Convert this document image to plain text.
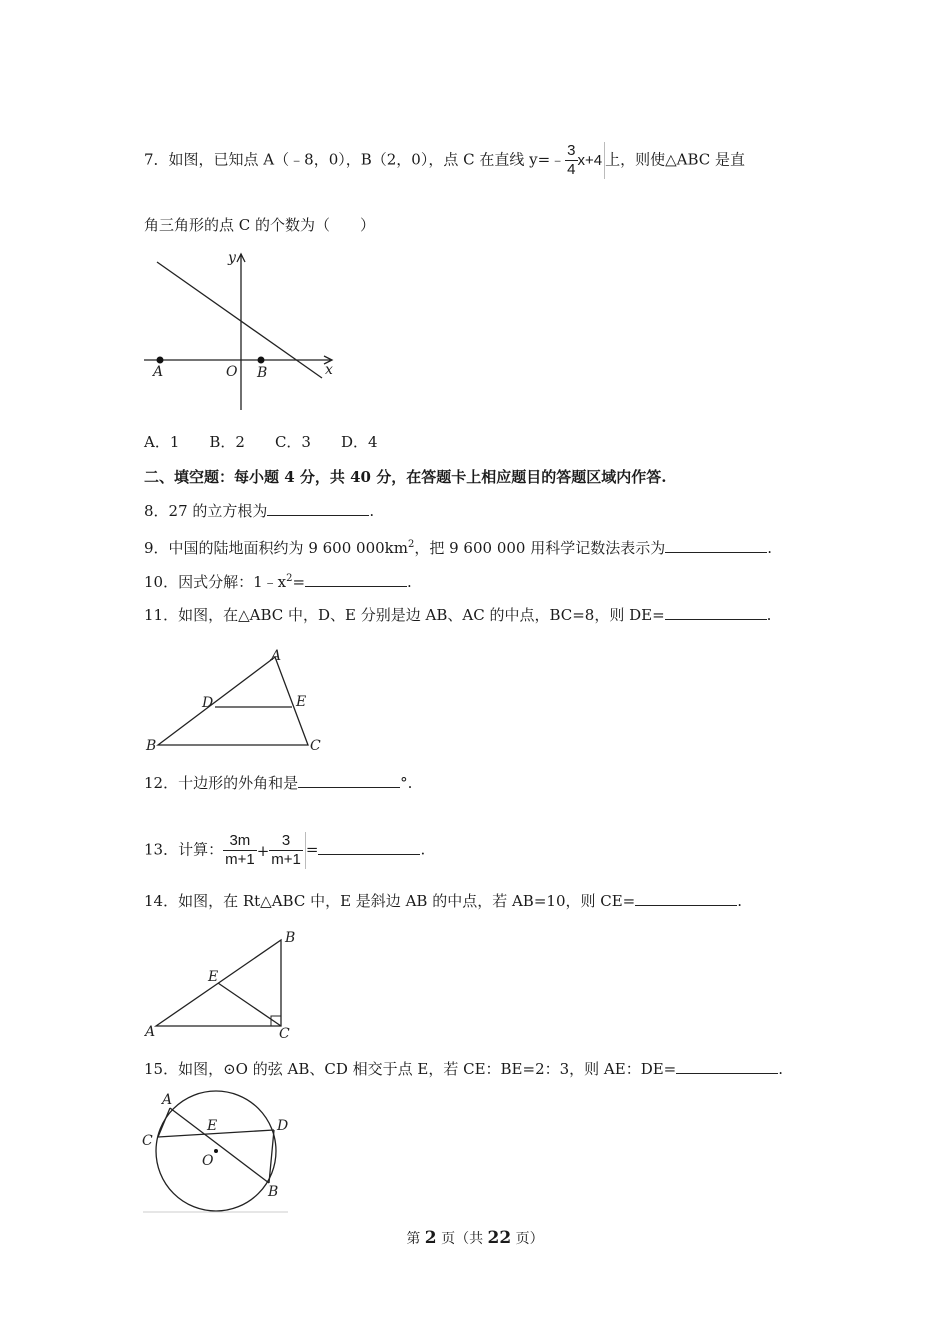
7．如图，已知点 A（﹣8，0），B（2，0），点 C 在直线 y=﹣ $\frac{3}{4} x+4$ 上，则使△ABC 是直
角三角形的点 C 的个数为（　　）
y
x
A	O B
A．1　　B．2　　C．3　　D．4
二、填空题：每小题 4 分，共 40 分，在答题卡上相应题目的答题区域内作答.
8．27 的立方根为	.
9．中国的陆地面积约为 9 600 $000km^2$，把 9 600 000 用科学记数法表示为	.
10．因式分解：$1﹣x^2=$	.
11．如图，在△ABC 中，D、E 分别是边 AB、AC 的中点，BC=8，则 DE=	.
A
D	E
B	C
12．十边形的外角和是	°.
13．计算： $\frac{3m}{m+1} + \frac{3}{m+1}$ =	.
14．如图，在 Rt△ABC 中，E 是斜边 AB 的中点，若 AB=10，则 CE=	.
B
E
A	C
15．如图，⊙O 的弦 AB、CD 相交于点 E，若 CE：BE=2：3，则 AE：DE=	.
A
C
E	D
O
B
第 2 页（共 22 页）
